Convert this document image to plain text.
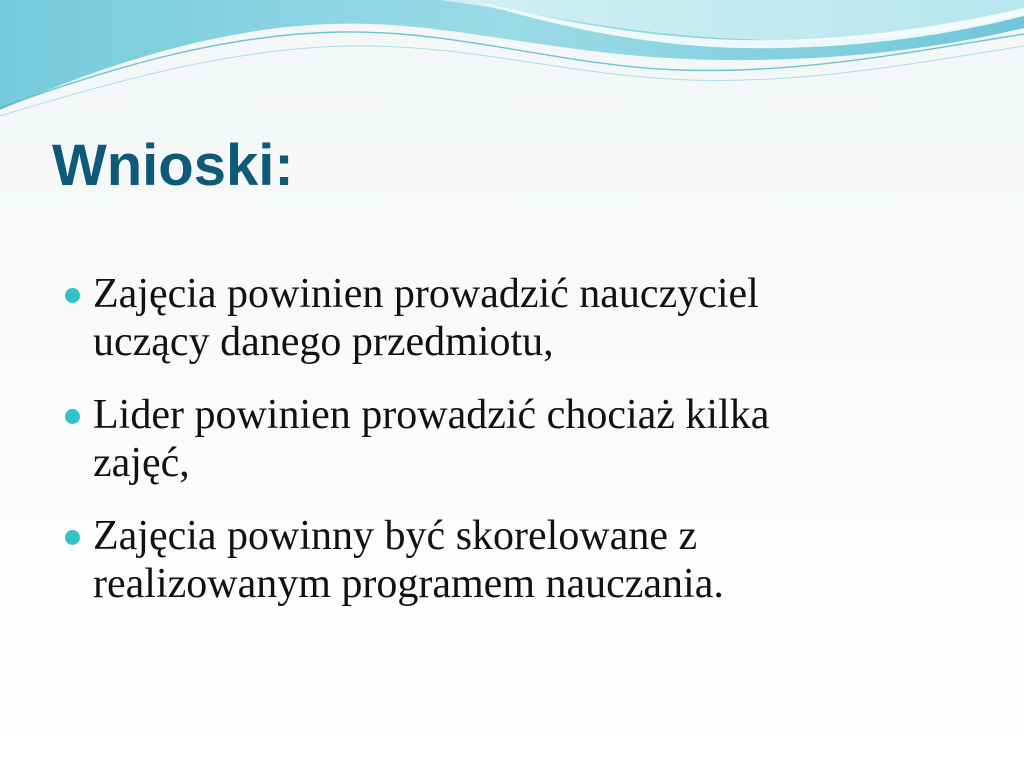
Wnioski:
Zajęcia powinien prowadzić nauczyciel
uczący danego przedmiotu,
Lider powinien prowadzić chociaż kilka
zajęć,
Zajęcia powinny być skorelowane z
realizowanym programem nauczania.
